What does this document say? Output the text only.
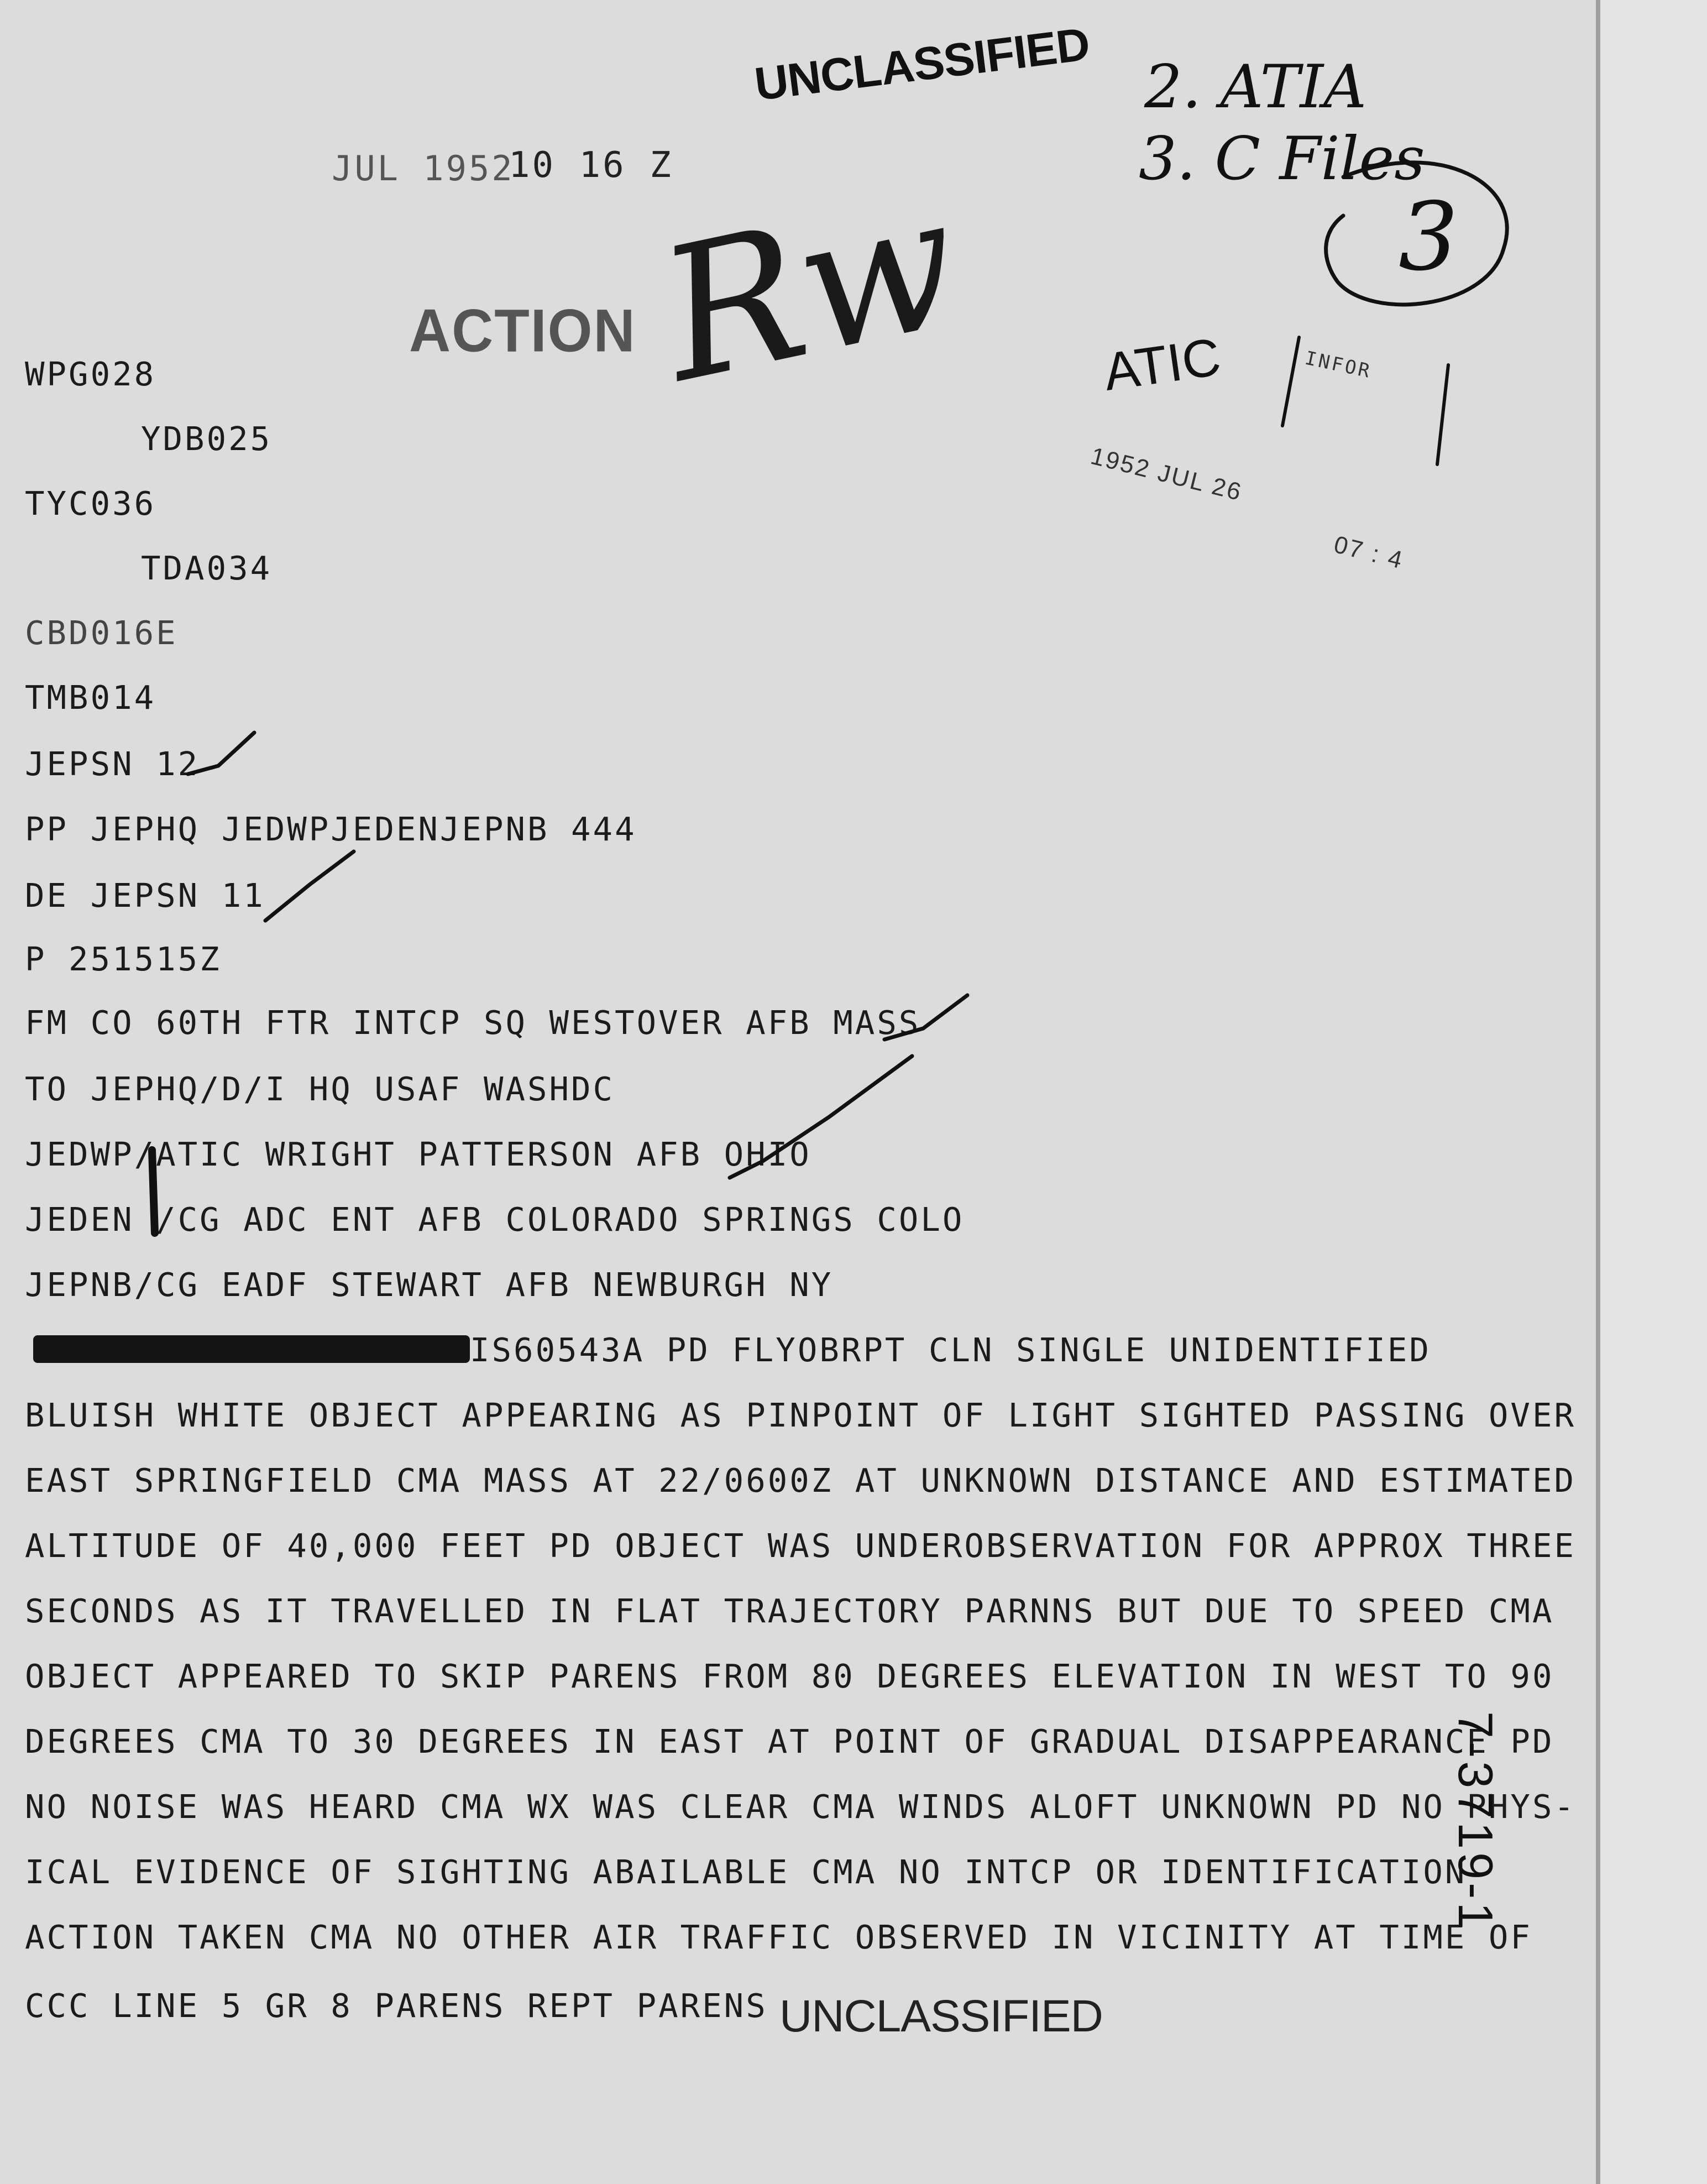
UNCLASSIFIED
JUL 1952
10 16 Z
ACTION
2. ATIA
3. C Files
3
Rw ATIC	INFOR
1952 JUL 26
07 : 4
WPG028
YDB025
TYC036
TDA034
CBD016E
TMB014
JEPSN 12
PP JEPHQ JEDWPJEDENJEPNB 444
DE JEPSN 11
P 251515Z
FM CO 60TH FTR INTCP SQ WESTOVER AFB MASS
TO JEPHQ/D/I HQ USAF WASHDC
JEDWP/ATIC WRIGHT PATTERSON AFB OHIO
JEDEN /CG ADC ENT AFB COLORADO SPRINGS COLO
JEPNB/CG EADF STEWART AFB NEWBURGH NY
IS60543A PD FLYOBRPT CLN SINGLE UNIDENTIFIED
BLUISH WHITE OBJECT APPEARING AS PINPOINT OF LIGHT SIGHTED PASSING OVER
EAST SPRINGFIELD CMA MASS AT 22/0600Z AT UNKNOWN DISTANCE AND ESTIMATED
ALTITUDE OF 40,000 FEET PD OBJECT WAS UNDEROBSERVATION FOR APPROX THREE
SECONDS AS IT TRAVELLED IN FLAT TRAJECTORY PARNNS BUT DUE TO SPEED CMA
OBJECT APPEARED TO SKIP PARENS FROM 80 DEGREES ELEVATION IN WEST TO 90
DEGREES CMA TO 30 DEGREES IN EAST AT POINT OF GRADUAL DISAPPEARANCE PD
NO NOISE WAS HEARD CMA WX WAS CLEAR CMA WINDS ALOFT UNKNOWN PD NO PHYS-
ICAL EVIDENCE OF SIGHTING ABAILABLE CMA NO INTCP OR IDENTIFICATION
ACTION TAKEN CMA NO OTHER AIR TRAFFIC OBSERVED IN VICINITY AT TIME OF
CCC LINE 5 GR 8 PARENS REPT PARENS UNCLASSIFIED
7-3719-1
